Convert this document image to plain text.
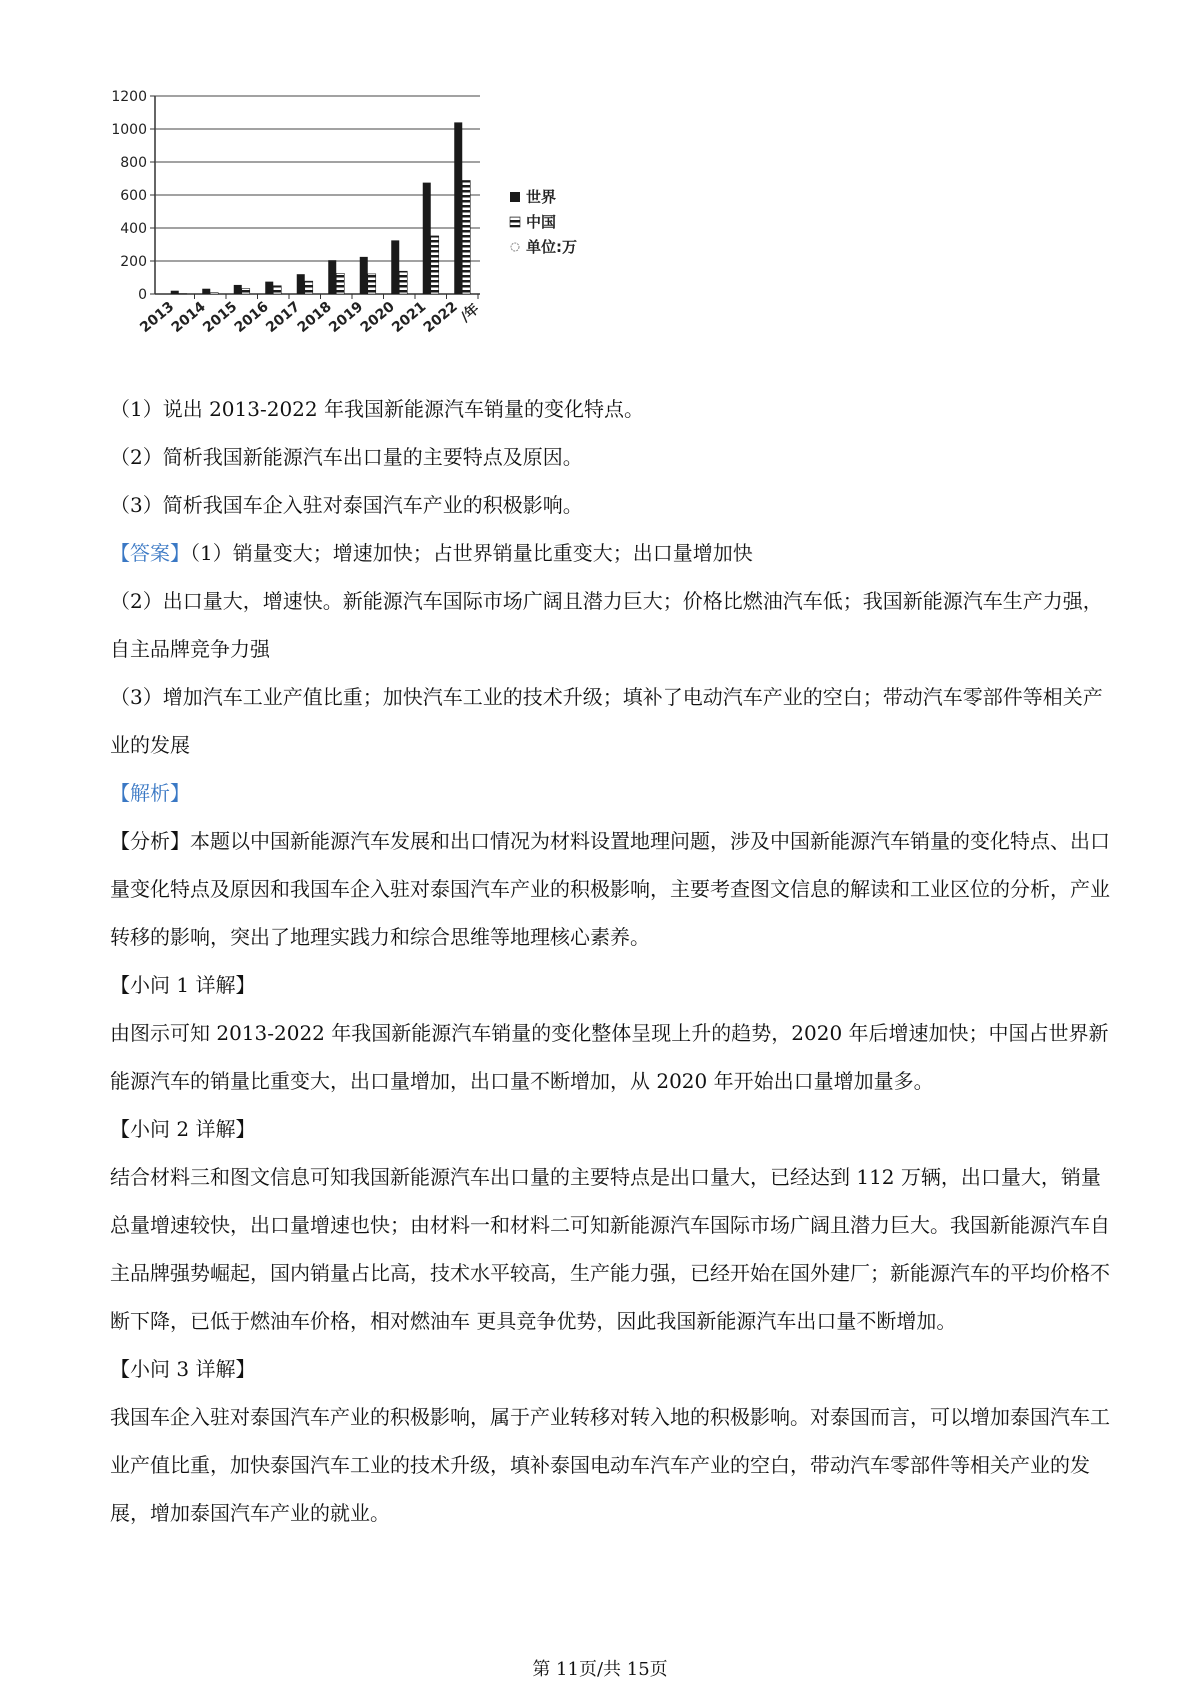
0
200
400
600
800
1000
1200
2013
2014
2015
2016
2017
2018
2019
2020
2021
2022
/年
世界
中国
单位:万

（1）说出 2013-2022 年我国新能源汽车销量的变化特点。

（2）简析我国新能源汽车出口量的主要特点及原因。

（3）简析我国车企入驻对泰国汽车产业的积极影响。

【答案】（1）销量变大；增速加快；占世界销量比重变大；出口量增加快

（2）出口量大，增速快。新能源汽车国际市场广阔且潜力巨大；价格比燃油汽车低；我国新能源汽车生产力强，自主品牌竞争力强

（3）增加汽车工业产值比重；加快汽车工业的技术升级；填补了电动汽车产业的空白；带动汽车零部件等相关产业的发展

【解析】

【分析】本题以中国新能源汽车发展和出口情况为材料设置地理问题，涉及中国新能源汽车销量的变化特点、出口量变化特点及原因和我国车企入驻对泰国汽车产业的积极影响，主要考查图文信息的解读和工业区位的分析，产业转移的影响，突出了地理实践力和综合思维等地理核心素养。

【小问 1 详解】

由图示可知 2013-2022 年我国新能源汽车销量的变化整体呈现上升的趋势，2020 年后增速加快；中国占世界新能源汽车的销量比重变大，出口量增加，出口量不断增加，从 2020 年开始出口量增加量多。

【小问 2 详解】

结合材料三和图文信息可知我国新能源汽车出口量的主要特点是出口量大，已经达到 112 万辆，出口量大，销量总量增速较快，出口量增速也快；由材料一和材料二可知新能源汽车国际市场广阔且潜力巨大。我国新能源汽车自主品牌强势崛起，国内销量占比高，技术水平较高，生产能力强，已经开始在国外建厂；新能源汽车的平均价格不断下降，已低于燃油车价格，相对燃油车 更具竞争优势，因此我国新能源汽车出口量不断增加。

【小问 3 详解】

我国车企入驻对泰国汽车产业的积极影响，属于产业转移对转入地的积极影响。对泰国而言，可以增加泰国汽车工业产值比重，加快泰国汽车工业的技术升级，填补泰国电动车汽车产业的空白，带动汽车零部件等相关产业的发展，增加泰国汽车产业的就业。

第 11页/共 15页
